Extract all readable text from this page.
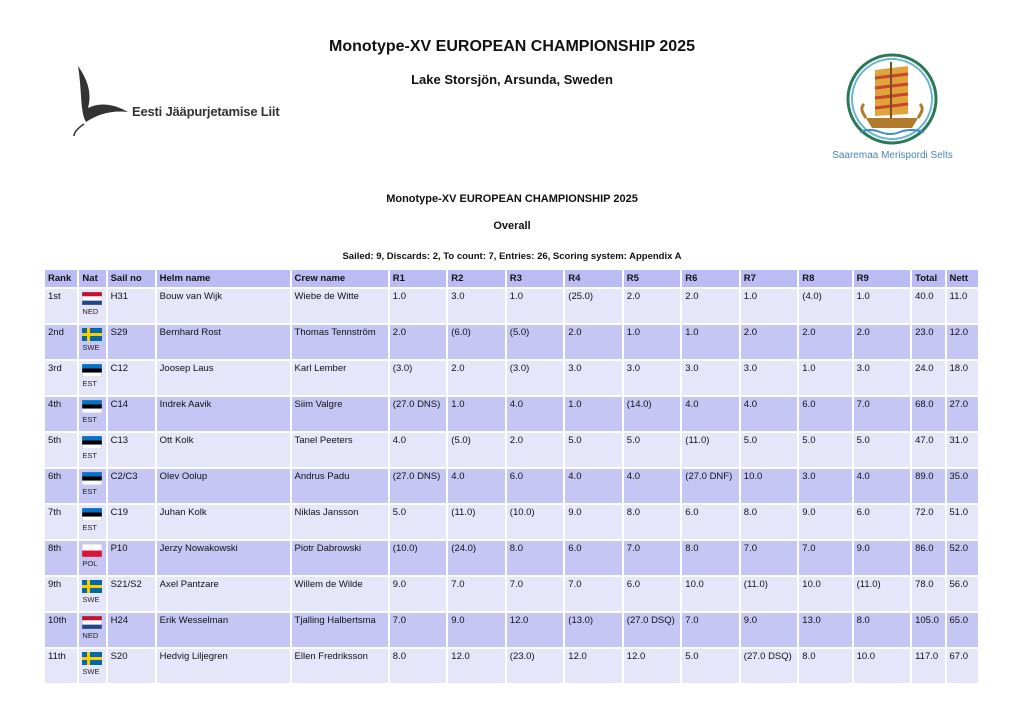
Monotype-XV EUROPEAN CHAMPIONSHIP 2025
Lake Storsjön, Arsunda, Sweden
Eesti Jääpurjetamise Liit
Saaremaa Merispordi Selts
Monotype-XV EUROPEAN CHAMPIONSHIP 2025
Overall
Sailed: 9, Discards: 2, To count: 7, Entries: 26, Scoring system: Appendix A
Rank	Nat	Sail no	Helm name	Crew name	R1	R2	R3	R4	R5	R6	R7	R8	R9	Total	Nett
1st	NED	H31	Bouw van Wijk	Wiebe de Witte	1.0	3.0	1.0	(25.0)	2.0	2.0	1.0	(4.0)	1.0	40.0	11.0
2nd	SWE	S29	Bernhard Rost	Thomas Tennström	2.0	(6.0)	(5.0)	2.0	1.0	1.0	2.0	2.0	2.0	23.0	12.0
3rd	EST	C12	Joosep Laus	Karl Lember	(3.0)	2.0	(3.0)	3.0	3.0	3.0	3.0	1.0	3.0	24.0	18.0
4th	EST	C14	Indrek Aavik	Siim Valgre	(27.0 DNS)	1.0	4.0	1.0	(14.0)	4.0	4.0	6.0	7.0	68.0	27.0
5th	EST	C13	Ott Kolk	Tanel Peeters	4.0	(5.0)	2.0	5.0	5.0	(11.0)	5.0	5.0	5.0	47.0	31.0
6th	EST	C2/C3	Olev Oolup	Andrus Padu	(27.0 DNS)	4.0	6.0	4.0	4.0	(27.0 DNF)	10.0	3.0	4.0	89.0	35.0
7th	EST	C19	Juhan Kolk	Niklas Jansson	5.0	(11.0)	(10.0)	9.0	8.0	6.0	8.0	9.0	6.0	72.0	51.0
8th	POL	P10	Jerzy Nowakowski	Piotr Dabrowski	(10.0)	(24.0)	8.0	6.0	7.0	8.0	7.0	7.0	9.0	86.0	52.0
9th	SWE	S21/S2	Axel Pantzare	Willem de Wilde	9.0	7.0	7.0	7.0	6.0	10.0	(11.0)	10.0	(11.0)	78.0	56.0
10th	NED	H24	Erik Wesselman	Tjalling Halbertsma	7.0	9.0	12.0	(13.0)	(27.0 DSQ)	7.0	9.0	13.0	8.0	105.0	65.0
11th	SWE	S20	Hedvig Liljegren	Ellen Fredriksson	8.0	12.0	(23.0)	12.0	12.0	5.0	(27.0 DSQ)	8.0	10.0	117.0	67.0
